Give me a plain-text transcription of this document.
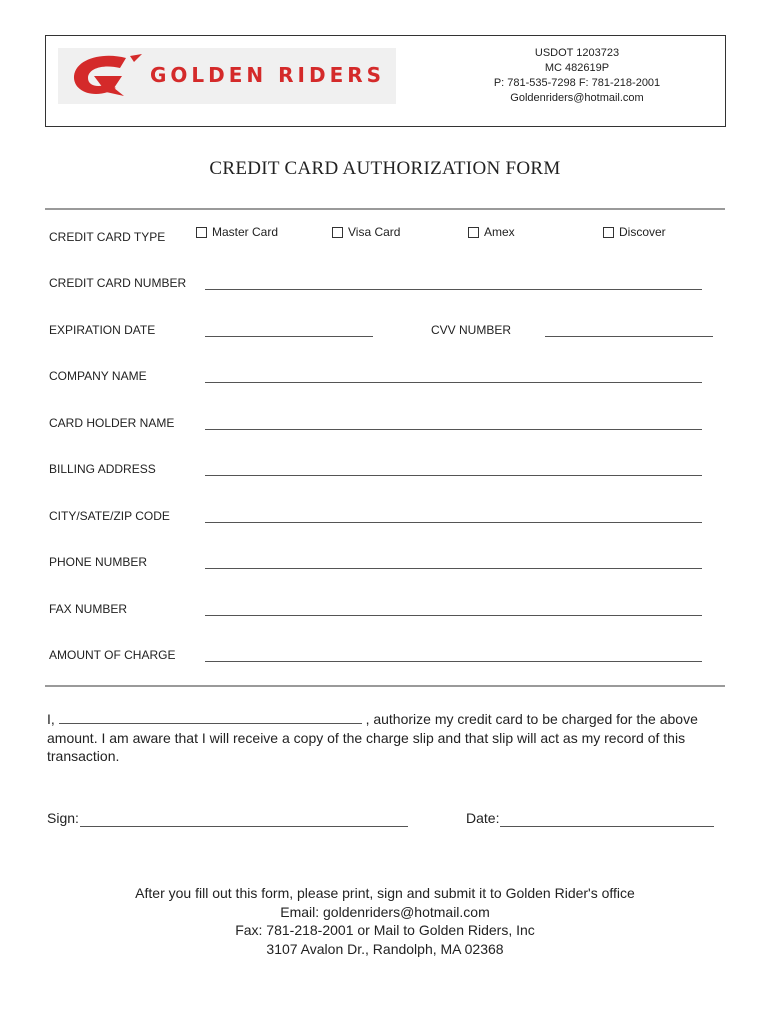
GOLDEN RIDERS
USDOT 1203723
MC 482619P
P: 781-535-7298 F: 781-218-2001
Goldenriders@hotmail.com
CREDIT CARD AUTHORIZATION FORM
CREDIT CARD TYPE	Master Card	Visa Card	Amex	Discover
CREDIT CARD NUMBER
EXPIRATION DATE	CVV NUMBER
COMPANY NAME
CARD HOLDER NAME
BILLING ADDRESS
CITY/SATE/ZIP CODE
PHONE NUMBER
FAX NUMBER
AMOUNT OF CHARGE
I,	, authorize my credit card to be charged for the above amount. I am aware that I will receive a copy of the charge slip and that slip will act as my record of this transaction.
Sign:	Date:
After you fill out this form, please print, sign and submit it to Golden Rider's office
Email: goldenriders@hotmail.com
Fax: 781-218-2001 or Mail to Golden Riders, Inc
3107 Avalon Dr., Randolph, MA 02368
